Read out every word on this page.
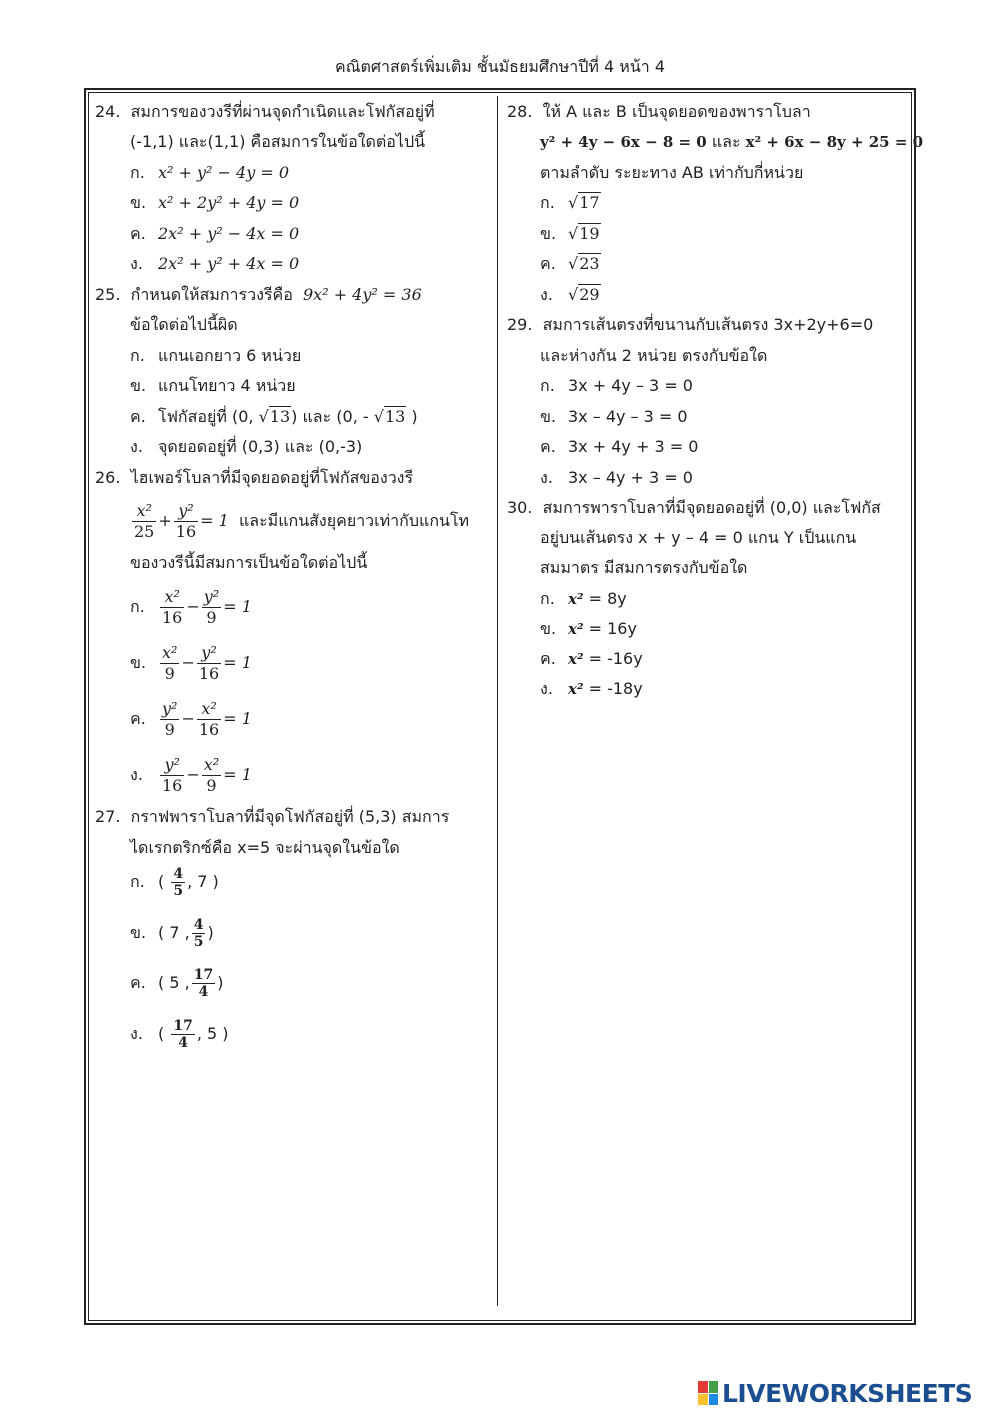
คณิตศาสตร์เพิ่มเติม ชั้นมัธยมศึกษาปีที่ 4 หน้า 4
24. สมการของวงรีที่ผ่านจุดกำเนิดและโฟกัสอยู่ที่
(-1,1) และ(1,1) คือสมการในข้อใดต่อไปนี้
ก. x² + y² − 4y = 0
ข. x² + 2y² + 4y = 0
ค. 2x² + y² − 4x = 0
ง. 2x² + y² + 4x = 0
25. กำหนดให้สมการวงรีคือ 9x² + 4y² = 36
ข้อใดต่อไปนี้ผิด
ก. แกนเอกยาว 6 หน่วย
ข. แกนโทยาว 4 หน่วย
ค. โฟกัสอยู่ที่ (0, √13) และ (0, - √13 )
ง. จุดยอดอยู่ที่ (0,3) และ (0,-3)
26. ไฮเพอร์โบลาที่มีจุดยอดอยู่ที่โฟกัสของวงรี
$\frac{\text{x²}}{25} + \frac{\text{y²}}{16} = 1$ และมีแกนสังยุคยาวเท่ากับแกนโท
ของวงรีนี้มีสมการเป็นข้อใดต่อไปนี้
ก. $\frac{\text{x²}}{16} - \frac{\text{y²}}{9} = 1$
ข. $\frac{\text{x²}}{9} - \frac{\text{y²}}{16} = 1$
ค. $\frac{\text{y²}}{9} - \frac{\text{x²}}{16} = 1$
ง. $\frac{\text{y²}}{16} - \frac{\text{x²}}{9} = 1$
27. กราฟพาราโบลาที่มีจุดโฟกัสอยู่ที่ (5,3) สมการ
ไดเรกตริกซ์คือ x=5 จะผ่านจุดในข้อใด
ก. ( $\frac{4}{5}$ , 7 )
ข. ( 7 , $\frac{4}{5}$ )
ค. ( 5 , $\frac{17}{4}$ )
ง. ( $\frac{17}{4}$ , 5 )
28. ให้ A และ B เป็นจุดยอดของพาราโบลา
y² + 4y − 6x − 8 = 0 และ x² + 6x − 8y + 25 = 0
ตามลำดับ ระยะทาง AB เท่ากับกี่หน่วย
ก. √17
ข. √19
ค. √23
ง. √29
29. สมการเส้นตรงที่ขนานกับเส้นตรง 3x+2y+6=0
และห่างกัน 2 หน่วย ตรงกับข้อใด
ก. 3x + 4y – 3 = 0
ข. 3x – 4y – 3 = 0
ค. 3x + 4y + 3 = 0
ง. 3x – 4y + 3 = 0
30. สมการพาราโบลาที่มีจุดยอดอยู่ที่ (0,0) และโฟกัส
อยู่บนเส้นตรง x + y – 4 = 0 แกน Y เป็นแกน
สมมาตร มีสมการตรงกับข้อใด
ก. x² = 8y
ข. x² = 16y
ค. x² = -16y
ง. x² = -18y
LIVEWORKSHEETS
